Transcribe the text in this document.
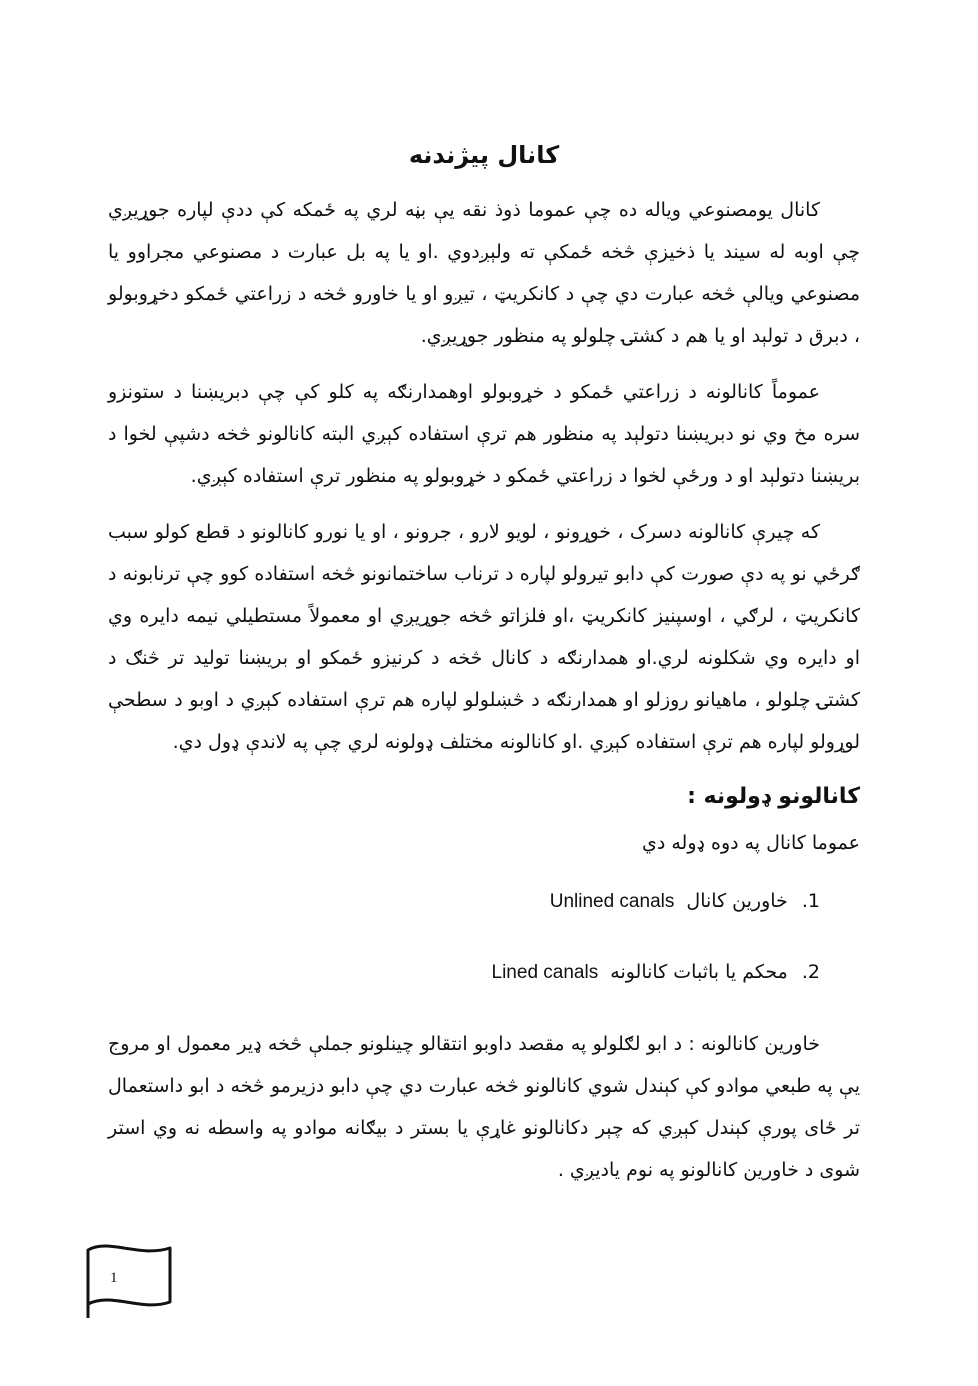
کانال پیژندنه

کانال یومصنوعي ویاله ده چې عموما ذوذ نقه یې بڼه لري په ځمکه کې ددې لپاره جوړیږي چې اوبه له سیند یا ذخیزې څخه ځمکې ته ولېږدوي .او یا په بل عبارت د مصنوعي مجراوو یا مصنوعي ویالې څخه عبارت دي چې د کانکریټ ، تیږو او یا خاورو څخه د زراعتي ځمکو دخړوبولو ، دبرق د تولېد او یا هم د کشتۍ چلولو په منظور جوړیږي.

عموماً کانالونه د زراعتي ځمکو د خړوبولو اوهمدارنګه په کلو کې چې دبریښنا د ستونزو سره مخ وي نو دبریښنا دتولېد په منظور هم ترې استفاده کېږي البته کانالونو څخه دشپې لخوا د بریښنا دتولېد او د ورځې لخوا د زراعتي ځمکو د خړوبولو په منظور ترې استفاده کېږي.

که چیرې کانالونه دسرک ، خوړونو ، لویو لارو ، جرونو ، او یا نورو کانالونو د قطع کولو سبب ګرځي نو په دې صورت کې دابو تیرولو لپاره د ترناب ساختمانونو څخه استفاده کوو چې ترنابونه د کانکریټ ، لرګي ، اوسپنیز کانکریټ ،او فلزاتو څخه جوړیږي او معمولاً مستطیلي نیمه دایره وي او دایره وي شکلونه لري.او همدارنګه د کانال څخه د کرنیزو ځمکو او بریښنا تولید تر څنګ د کشتۍ چلولو ، ماهیانو روزلو او همدارنګه د څښلولو لپاره هم ترې استفاده کېږي د اوبو د سطحې لوړولو لپاره هم ترې استفاده کېږي .او کانالونه مختلف ډولونه لري چې په لاندې ډول دي.

کانالونو ډولونه :
عموما کانال په دوه ډوله دي
1. خاورین کانال Unlined canals
2. محکم یا باثبات کانالونه Lined canals

خاورین کانالونه : د ابو لګلولو په مقصد داوبو انتقالو چینلونو جملې څخه ډیر معمول او مروج یې په طبعي موادو کې کېندل شوي کانالونو څخه عبارت دي چې دابو دزیرمو څخه د ابو داستعمال تر ځای پورې کېندل کېږي که چېر دکانالونو غاړې یا بستر د بیګانه موادو په واسطه نه وي استر شوی د خاورین کانالونو په نوم یادیږي .

1
